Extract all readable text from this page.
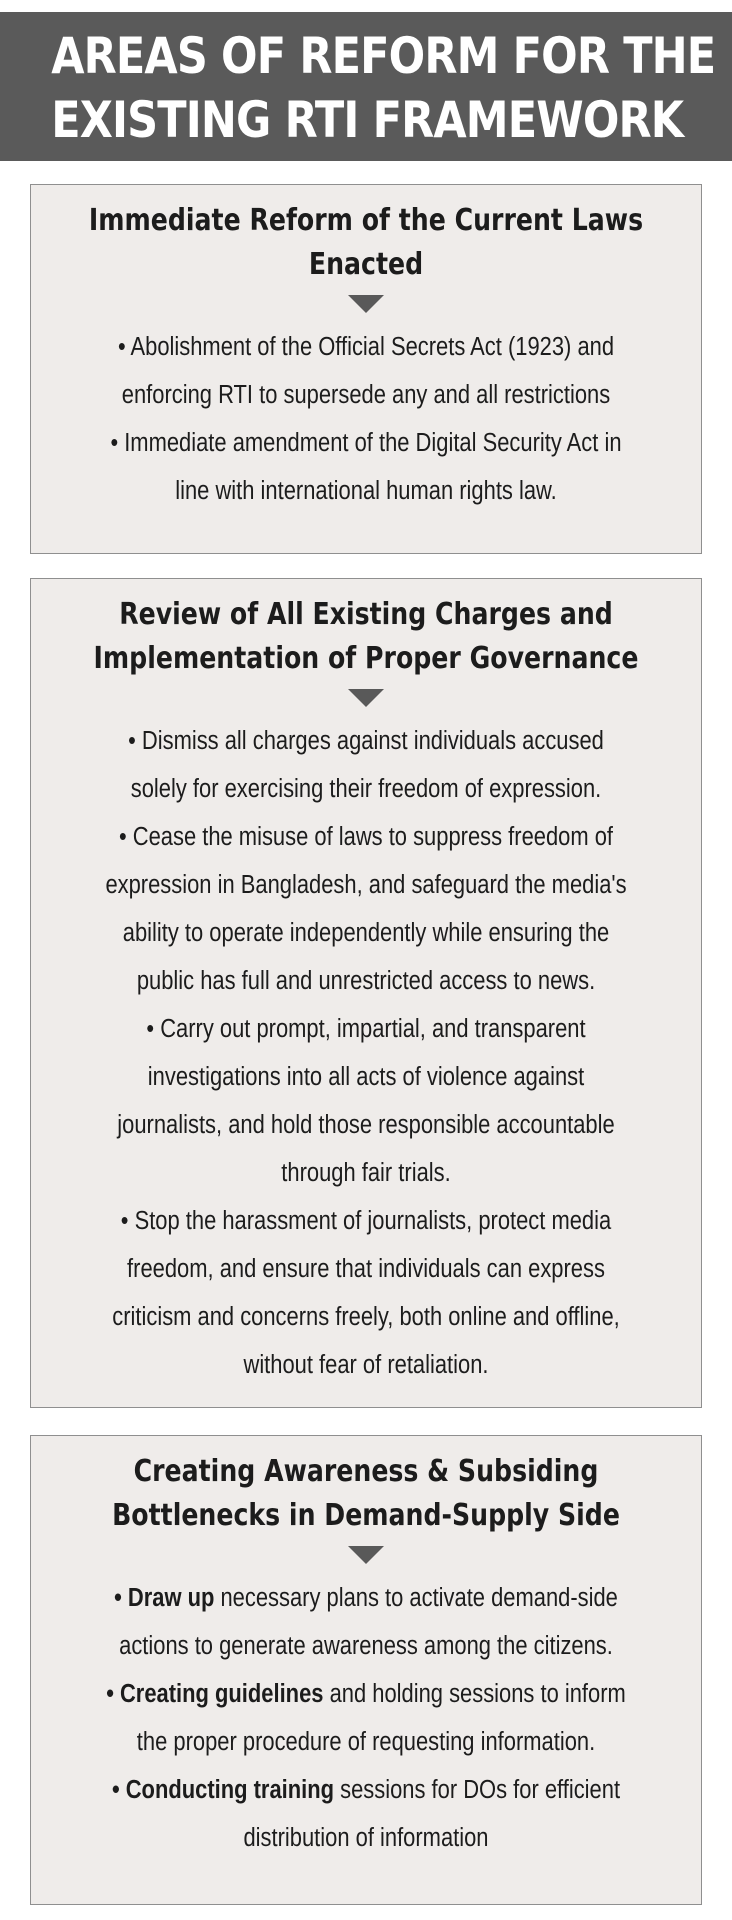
AREAS OF REFORM FOR THE
EXISTING RTI FRAMEWORK
Immediate Reform of the Current Laws
Enacted
• Abolishment of the Official Secrets Act (1923) and
enforcing RTI to supersede any and all restrictions
• Immediate amendment of the Digital Security Act in
line with international human rights law.
Review of All Existing Charges and
Implementation of Proper Governance
• Dismiss all charges against individuals accused
solely for exercising their freedom of expression.
• Cease the misuse of laws to suppress freedom of
expression in Bangladesh, and safeguard the media's
ability to operate independently while ensuring the
public has full and unrestricted access to news.
• Carry out prompt, impartial, and transparent
investigations into all acts of violence against
journalists, and hold those responsible accountable
through fair trials.
• Stop the harassment of journalists, protect media
freedom, and ensure that individuals can express
criticism and concerns freely, both online and offline,
without fear of retaliation.
Creating Awareness & Subsiding
Bottlenecks in Demand-Supply Side
• Draw up necessary plans to activate demand-side
actions to generate awareness among the citizens.
• Creating guidelines and holding sessions to inform
the proper procedure of requesting information.
• Conducting training sessions for DOs for efficient
distribution of information
